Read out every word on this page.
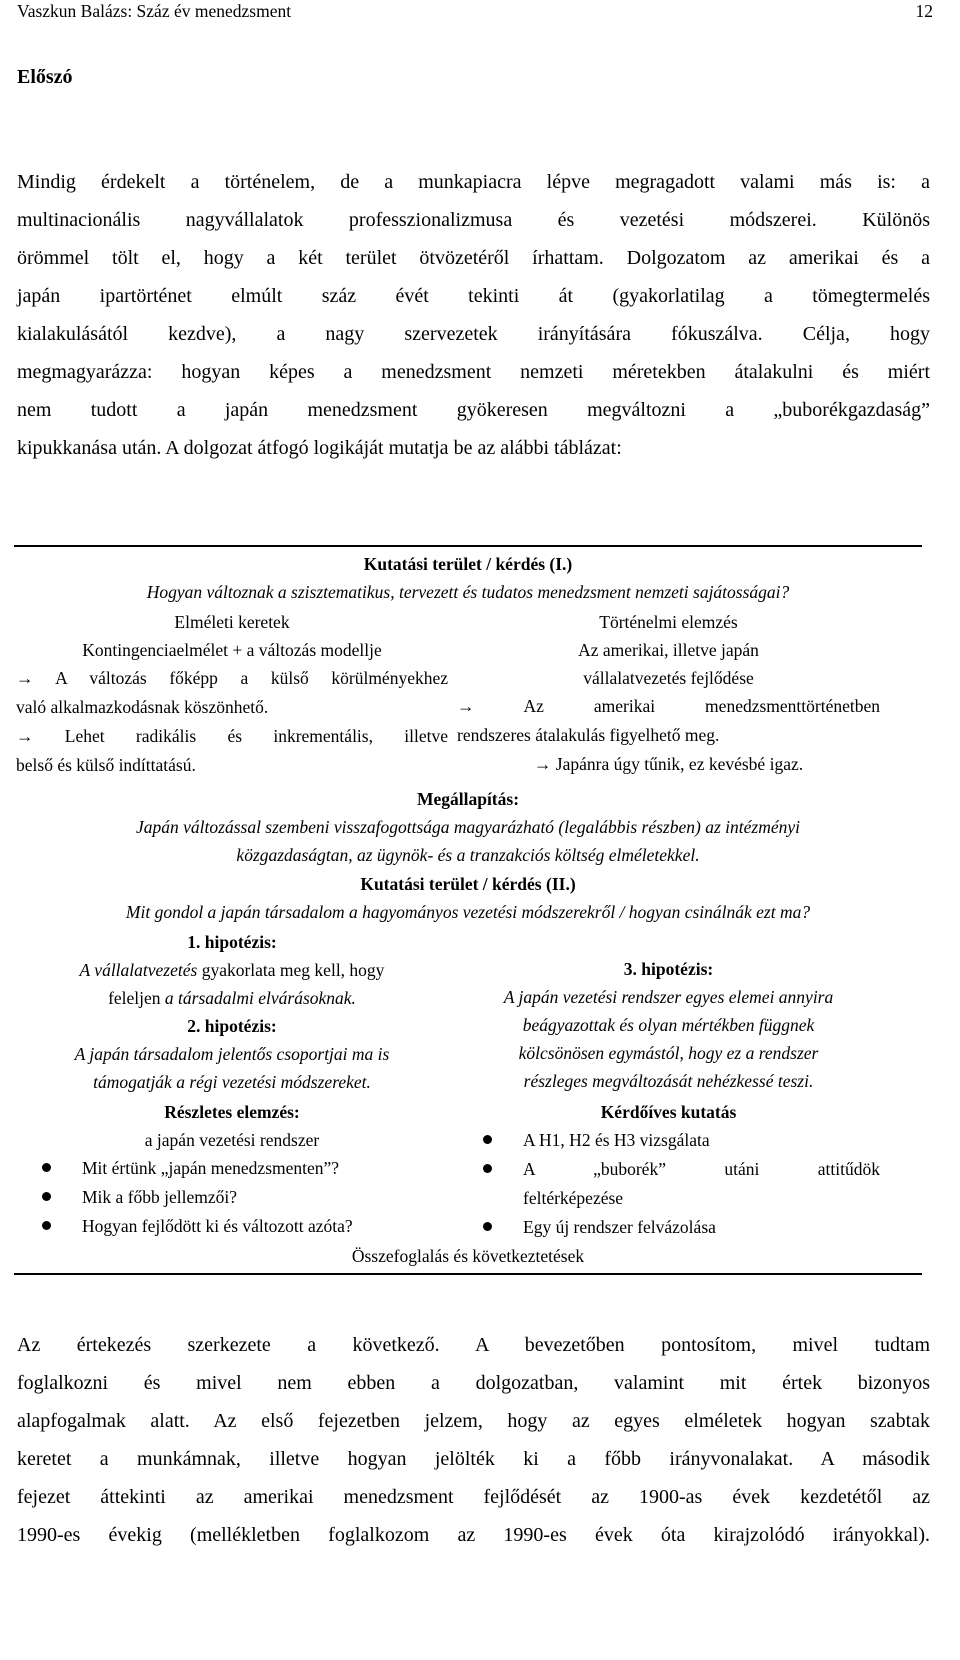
Vaszkun Balázs: Száz év menedzsment	12
Előszó
Mindig érdekelt a történelem, de a munkapiacra lépve megragadott valami más is: a
multinacionális nagyvállalatok professzionalizmusa és vezetési módszerei. Különös
örömmel tölt el, hogy a két terület ötvözetéről írhattam. Dolgozatom az amerikai és a
japán ipartörténet elmúlt száz évét tekinti át (gyakorlatilag a tömegtermelés
kialakulásától kezdve), a nagy szervezetek irányítására fókuszálva. Célja, hogy
megmagyarázza: hogyan képes a menedzsment nemzeti méretekben átalakulni és miért
nem tudott a japán menedzsment gyökeresen megváltozni a „buborékgazdaság”
kipukkanása után. A dolgozat átfogó logikáját mutatja be az alábbi táblázat:
Kutatási terület / kérdés (I.)
Hogyan változnak a szisztematikus, tervezett és tudatos menedzsment nemzeti sajátosságai?
Elméleti keretek
Kontingenciaelmélet + a változás modellje
→ A változás főképp a külső körülményekhez
való alkalmazkodásnak köszönhető.
→ Lehet radikális és inkrementális, illetve
belső és külső indíttatású.
Történelmi elemzés
Az amerikai, illetve japán
vállalatvezetés fejlődése
→ Az amerikai menedzsmenttörténetben
rendszeres átalakulás figyelhető meg.
→ Japánra úgy tűnik, ez kevésbé igaz.
Megállapítás:
Japán változással szembeni visszafogottsága magyarázható (legalábbis részben) az intézményi
közgazdaságtan, az ügynök- és a tranzakciós költség elméletekkel.
Kutatási terület / kérdés (II.)
Mit gondol a japán társadalom a hagyományos vezetési módszerekről / hogyan csinálnák ezt ma?
1. hipotézis:
A vállalatvezetés gyakorlata meg kell, hogy
feleljen a társadalmi elvárásoknak.
2. hipotézis:
A japán társadalom jelentős csoportjai ma is
támogatják a régi vezetési módszereket.
3. hipotézis:
A japán vezetési rendszer egyes elemei annyira
beágyazottak és olyan mértékben függnek
kölcsönösen egymástól, hogy ez a rendszer
részleges megváltozását nehézkessé teszi.
Részletes elemzés:
a japán vezetési rendszer
Mit értünk „japán menedzsmenten”?
Mik a főbb jellemzői?
Hogyan fejlődött ki és változott azóta?
Kérdőíves kutatás
A H1, H2 és H3 vizsgálata
A „buborék” utáni attitűdök
feltérképezése
Egy új rendszer felvázolása
Összefoglalás és következtetések
Az értekezés szerkezete a következő. A bevezetőben pontosítom, mivel tudtam
foglalkozni és mivel nem ebben a dolgozatban, valamint mit értek bizonyos
alapfogalmak alatt. Az első fejezetben jelzem, hogy az egyes elméletek hogyan szabtak
keretet a munkámnak, illetve hogyan jelölték ki a főbb irányvonalakat. A második
fejezet áttekinti az amerikai menedzsment fejlődését az 1900-as évek kezdetétől az
1990-es évekig (mellékletben foglalkozom az 1990-es évek óta kirajzolódó irányokkal).
